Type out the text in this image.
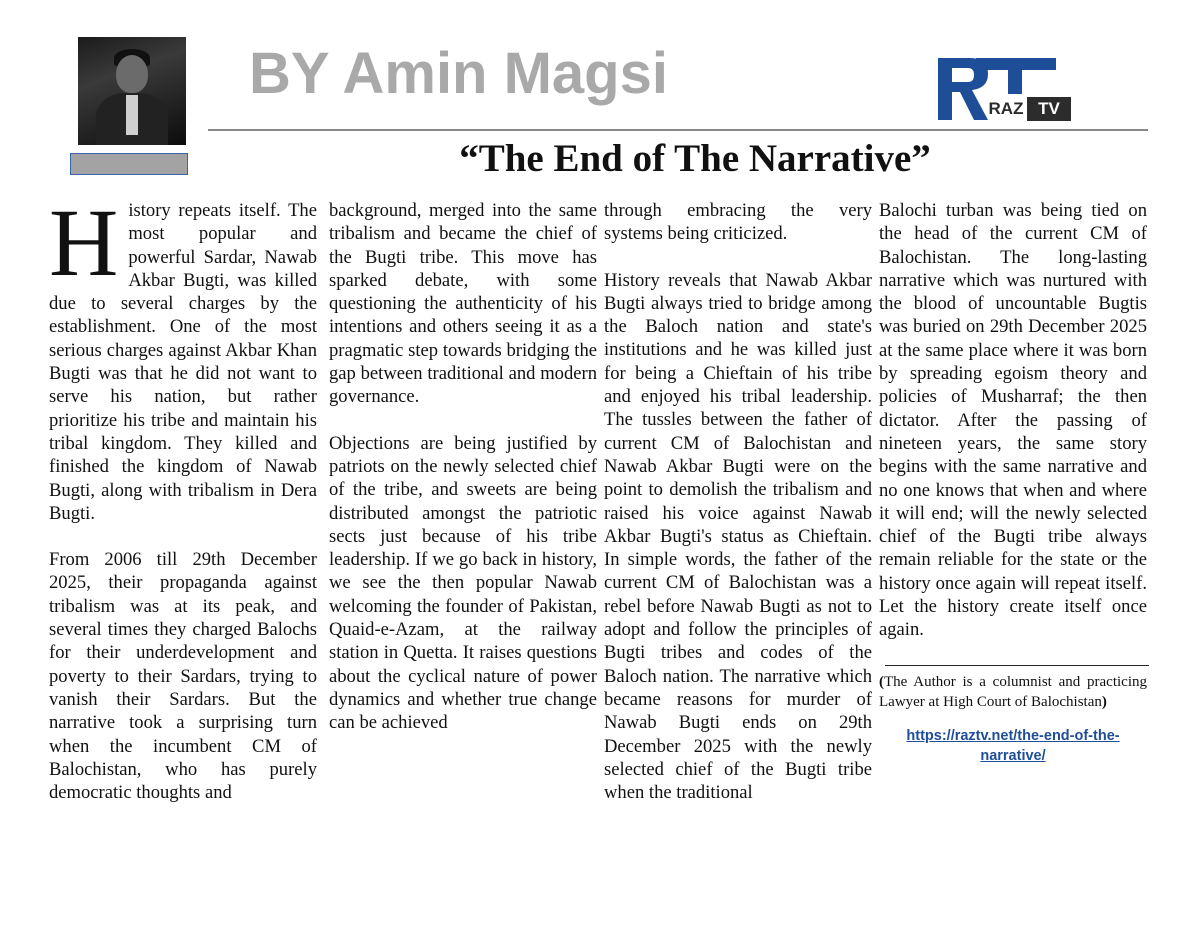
BY Amin Magsi
RAZ TV
“The End of The Narrative”

History repeats itself. The most popular and powerful Sardar, Nawab Akbar Bugti, was killed due to several charges by the establishment. One of the most serious charges against Akbar Khan Bugti was that he did not want to serve his nation, but rather prioritize his tribe and maintain his tribal kingdom. They killed and finished the kingdom of Nawab Bugti, along with tribalism in Dera Bugti.

From 2006 till 29th December 2025, their propaganda against tribalism was at its peak, and several times they charged Balochs for their underdevelopment and poverty to their Sardars, trying to vanish their Sardars. But the narrative took a surprising turn when the incumbent CM of Balochistan, who has purely democratic thoughts and

background, merged into the same tribalism and became the chief of the Bugti tribe. This move has sparked debate, with some questioning the authenticity of his intentions and others seeing it as a pragmatic step towards bridging the gap between traditional and modern governance.

Objections are being justified by patriots on the newly selected chief of the tribe, and sweets are being distributed amongst the patriotic sects just because of his tribe leadership. If we go back in history, we see the then popular Nawab welcoming the founder of Pakistan, Quaid-e-Azam, at the railway station in Quetta. It raises questions about the cyclical nature of power dynamics and whether true change can be achieved

through embracing the very systems being criticized.

History reveals that Nawab Akbar Bugti always tried to bridge among the Baloch nation and state's institutions and he was killed just for being a Chieftain of his tribe and enjoyed his tribal leadership. The tussles between the father of current CM of Balochistan and Nawab Akbar Bugti were on the point to demolish the tribalism and raised his voice against Nawab Akbar Bugti's status as Chieftain. In simple words, the father of the current CM of Balochistan was a rebel before Nawab Bugti as not to adopt and follow the principles of Bugti tribes and codes of the Baloch nation. The narrative which became reasons for murder of Nawab Bugti ends on 29th December 2025 with the newly selected chief of the Bugti tribe when the traditional

Balochi turban was being tied on the head of the current CM of Balochistan. The long-lasting narrative which was nurtured with the blood of uncountable Bugtis was buried on 29th December 2025 at the same place where it was born by spreading egoism theory and policies of Musharraf; the then dictator. After the passing of nineteen years, the same story begins with the same narrative and no one knows that when and where it will end; will the newly selected chief of the Bugti tribe always remain reliable for the state or the history once again will repeat itself. Let the history create itself once again.

(The Author is a columnist and practicing Lawyer at High Court of Balochistan)
https://raztv.net/the-end-of-the-narrative/
